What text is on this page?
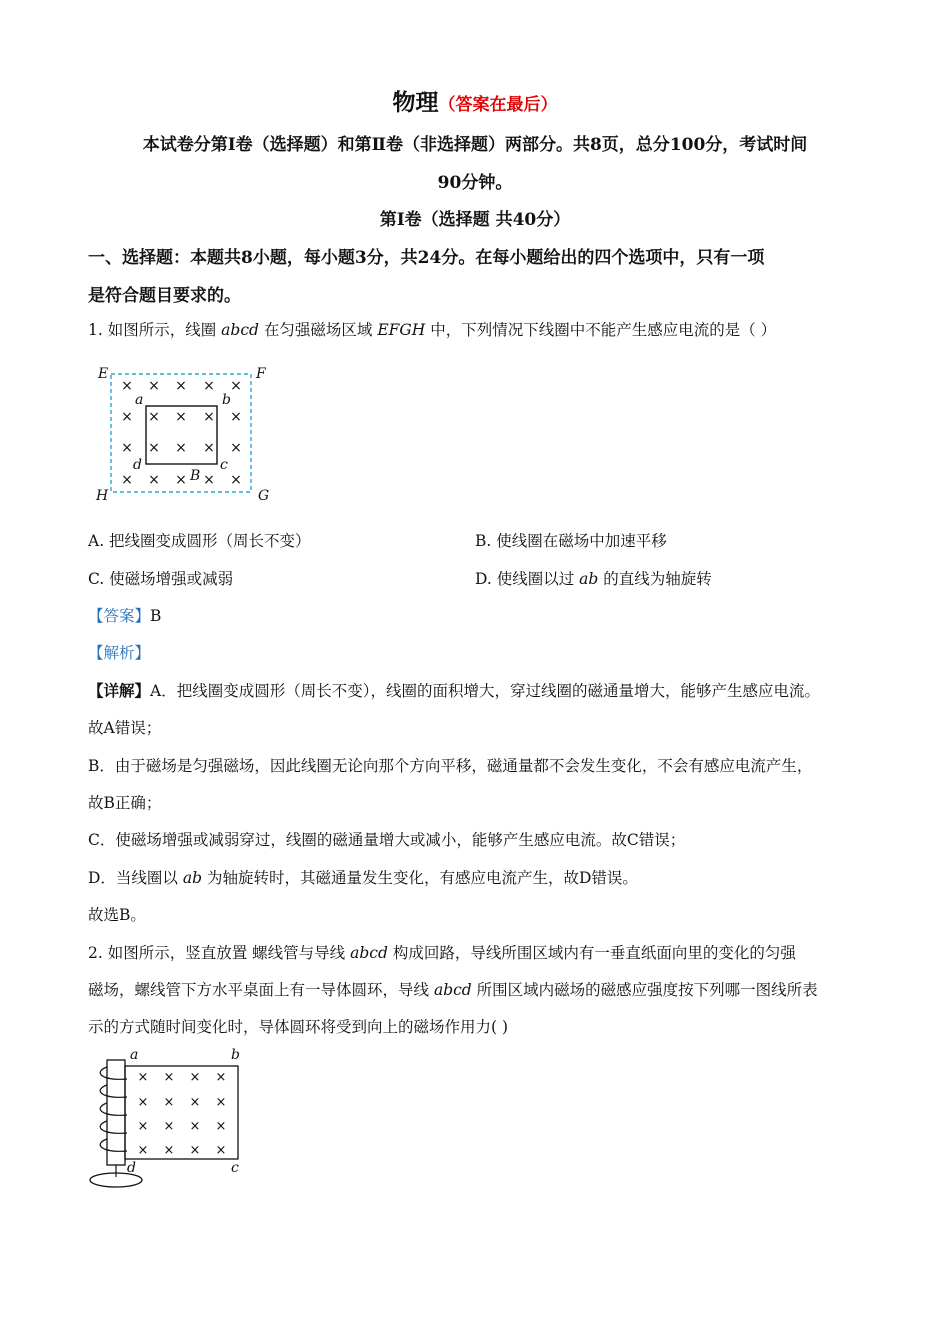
物理（答案在最后）
本试卷分第Ⅰ卷（选择题）和第Ⅱ卷（非选择题）两部分。共8页，总分100分，考试时间
90分钟。
第Ⅰ卷（选择题 共40分）
一、选择题：本题共8小题，每小题3分，共24分。在每小题给出的四个选项中，只有一项
是符合题目要求的。
1. 如图所示，线圈 abcd 在匀强磁场区域 EFGH 中，下列情况下线圈中不能产生感应电流的是（ ）
× × × × ×
× × × × ×
× × × × ×
× × × × ×
E	F
G
H
a	b
c
d
B
A. 把线圈变成圆形（周长不变）	B. 使线圈在磁场中加速平移
C. 使磁场增强或减弱	D. 使线圈以过 ab 的直线为轴旋转
【答案】B
【解析】
【详解】A．把线圈变成圆形（周长不变），线圈的面积增大，穿过线圈的磁通量增大，能够产生感应电流。
故A错误；
B．由于磁场是匀强磁场，因此线圈无论向那个方向平移，磁通量都不会发生变化，不会有感应电流产生，
故B正确；
C．使磁场增强或减弱穿过，线圈的磁通量增大或减小，能够产生感应电流。故C错误；
D．当线圈以 ab 为轴旋转时，其磁通量发生变化，有感应电流产生，故D错误。
故选B。
2. 如图所示，竖直放置 螺线管与导线 abcd 构成回路，导线所围区域内有一垂直纸面向里的变化的匀强
磁场，螺线管下方水平桌面上有一导体圆环，导线 abcd 所围区域内磁场的磁感应强度按下列哪一图线所表
示的方式随时间变化时，导体圆环将受到向上的磁场作用力( )
× × × ×
× × × ×
× × × ×
× × × ×
a	b
c
d
